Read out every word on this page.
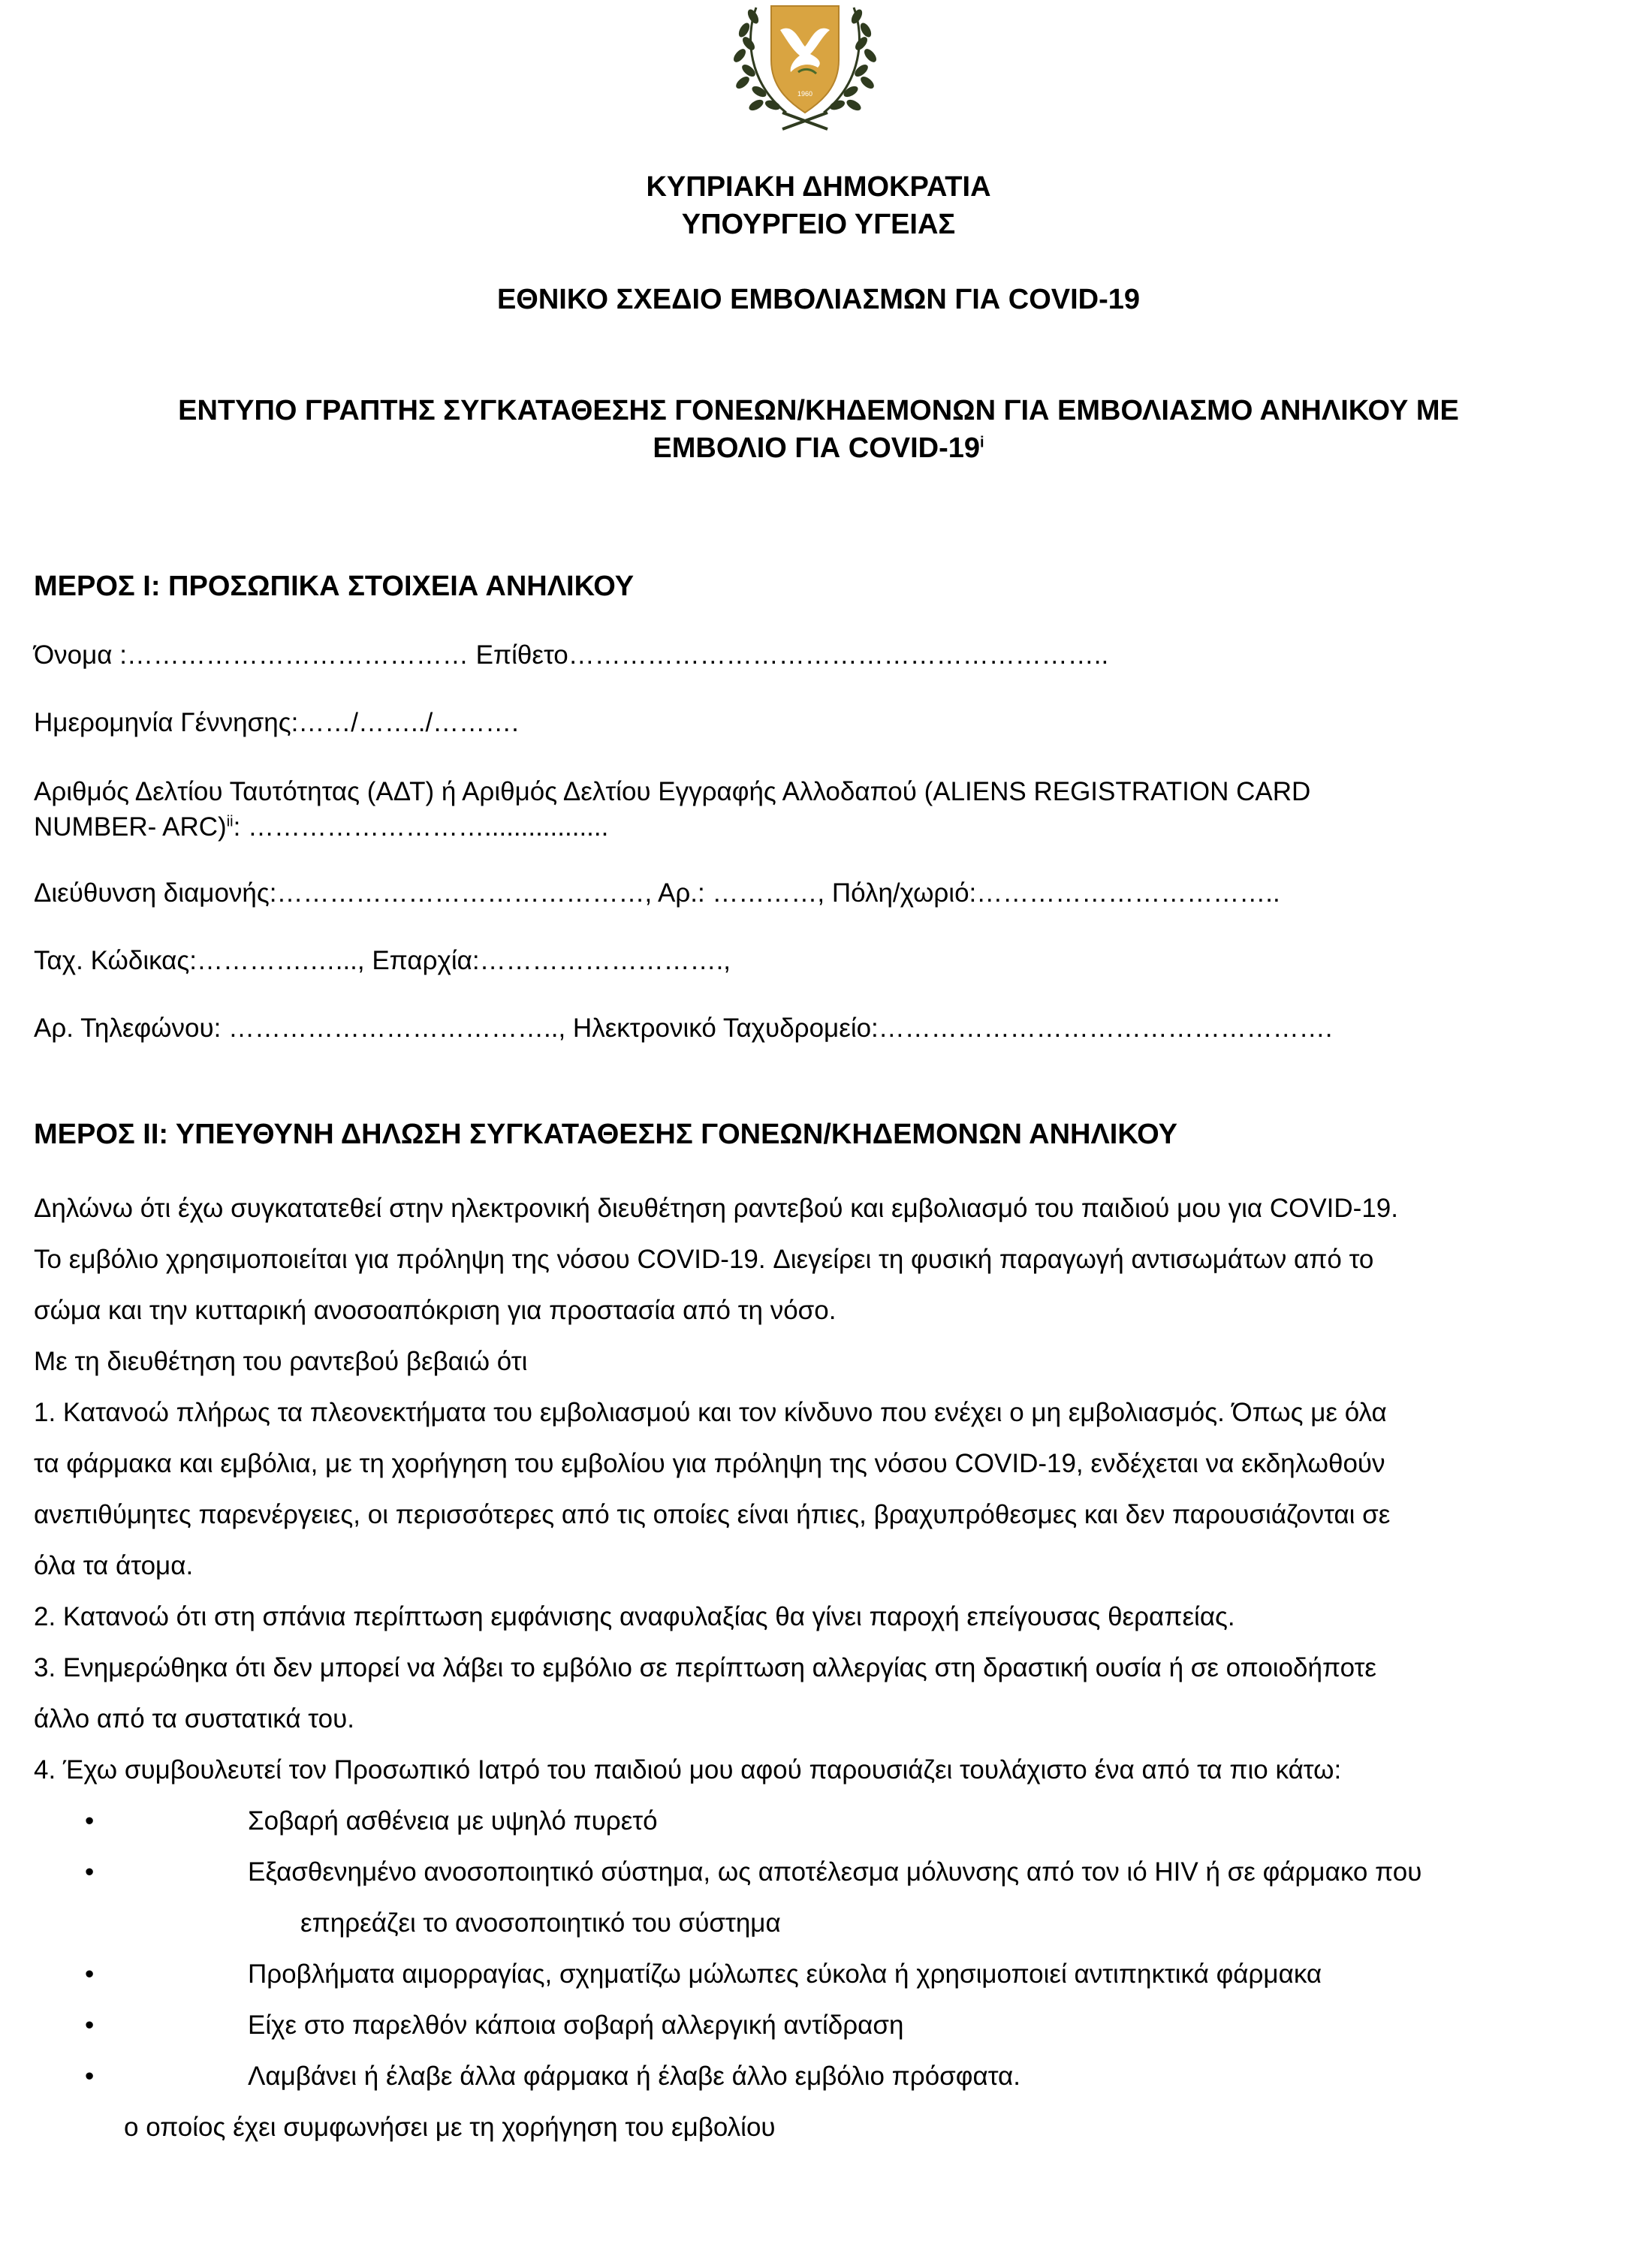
1960
ΚΥΠΡΙΑΚΗ ΔΗΜΟΚΡΑΤΙΑ
ΥΠΟΥΡΓΕΙΟ ΥΓΕΙΑΣ
ΕΘΝΙΚΟ ΣΧΕΔΙΟ ΕΜΒΟΛΙΑΣΜΩΝ ΓΙΑ COVID-19
ΕΝΤΥΠΟ ΓΡΑΠΤΗΣ ΣΥΓΚΑΤΑΘΕΣΗΣ ΓΟΝΕΩΝ/ΚΗΔΕΜΟΝΩΝ ΓΙΑ ΕΜΒΟΛΙΑΣΜΟ ΑΝΗΛΙΚΟΥ ΜΕ
ΕΜΒΟΛΙΟ ΓΙΑ COVID-19$^i$
ΜΕΡΟΣ Ι: ΠΡΟΣΩΠΙΚΑ ΣΤΟΙΧΕΙΑ ΑΝΗΛΙΚΟΥ
Όνομα :………………………………… Επίθετο……………………………………………………..
Ημερομηνία Γέννησης:……/……../……….
Αριθμός Δελτίου Ταυτότητας (ΑΔΤ) ή Αριθμός Δελτίου Εγγραφής Αλλοδαπού (ALIENS REGISTRATION CARD
NUMBER- ARC)$^{ii}$: ……………………….................
Διεύθυνση διαμονής:……………………………………, Αρ.: …………, Πόλη/χωριό:……………………………..
Ταχ. Κώδικας:………….…..., Επαρχία:……………………….,
Αρ. Τηλεφώνου: ……………………………….., Ηλεκτρονικό Ταχυδρομείο:…………………………………………….
ΜΕΡΟΣ ΙΙ: ΥΠΕΥΘΥΝΗ ΔΗΛΩΣΗ ΣΥΓΚΑΤΑΘΕΣΗΣ ΓΟΝΕΩΝ/ΚΗΔΕΜΟΝΩΝ ΑΝΗΛΙΚΟΥ
Δηλώνω ότι έχω συγκατατεθεί στην ηλεκτρονική διευθέτηση ραντεβού και εμβολιασμό του παιδιού μου για COVID-19.
Το εμβόλιο χρησιμοποιείται για πρόληψη της νόσου COVID-19. Διεγείρει τη φυσική παραγωγή αντισωμάτων από το
σώμα και την κυτταρική ανοσοαπόκριση για προστασία από τη νόσο.
Με τη διευθέτηση του ραντεβού βεβαιώ ότι
1. Κατανοώ πλήρως τα πλεονεκτήματα του εμβολιασμού και τον κίνδυνο που ενέχει ο μη εμβολιασμός. Όπως με όλα
τα φάρμακα και εμβόλια, με τη χορήγηση του εμβολίου για πρόληψη της νόσου COVID-19, ενδέχεται να εκδηλωθούν
ανεπιθύμητες παρενέργειες, οι περισσότερες από τις οποίες είναι ήπιες, βραχυπρόθεσμες και δεν παρουσιάζονται σε
όλα τα άτομα.
2. Κατανοώ ότι στη σπάνια περίπτωση εμφάνισης αναφυλαξίας θα γίνει παροχή επείγουσας θεραπείας.
3. Ενημερώθηκα ότι δεν μπορεί να λάβει το εμβόλιο σε περίπτωση αλλεργίας στη δραστική ουσία ή σε οποιοδήποτε
άλλο από τα συστατικά του.
4. Έχω συμβουλευτεί τον Προσωπικό Ιατρό του παιδιού μου αφού παρουσιάζει τουλάχιστο ένα από τα πιο κάτω:
•	Σοβαρή ασθένεια με υψηλό πυρετό
•	Εξασθενημένο ανοσοποιητικό σύστημα, ως αποτέλεσμα μόλυνσης από τον ιό HIV ή σε φάρμακο που
επηρεάζει το ανοσοποιητικό του σύστημα
•	Προβλήματα αιμορραγίας, σχηματίζω μώλωπες εύκολα ή χρησιμοποιεί αντιπηκτικά φάρμακα
•	Είχε στο παρελθόν κάποια σοβαρή αλλεργική αντίδραση
•	Λαμβάνει ή έλαβε άλλα φάρμακα ή έλαβε άλλο εμβόλιο πρόσφατα.
ο οποίος έχει συμφωνήσει με τη χορήγηση του εμβολίου
